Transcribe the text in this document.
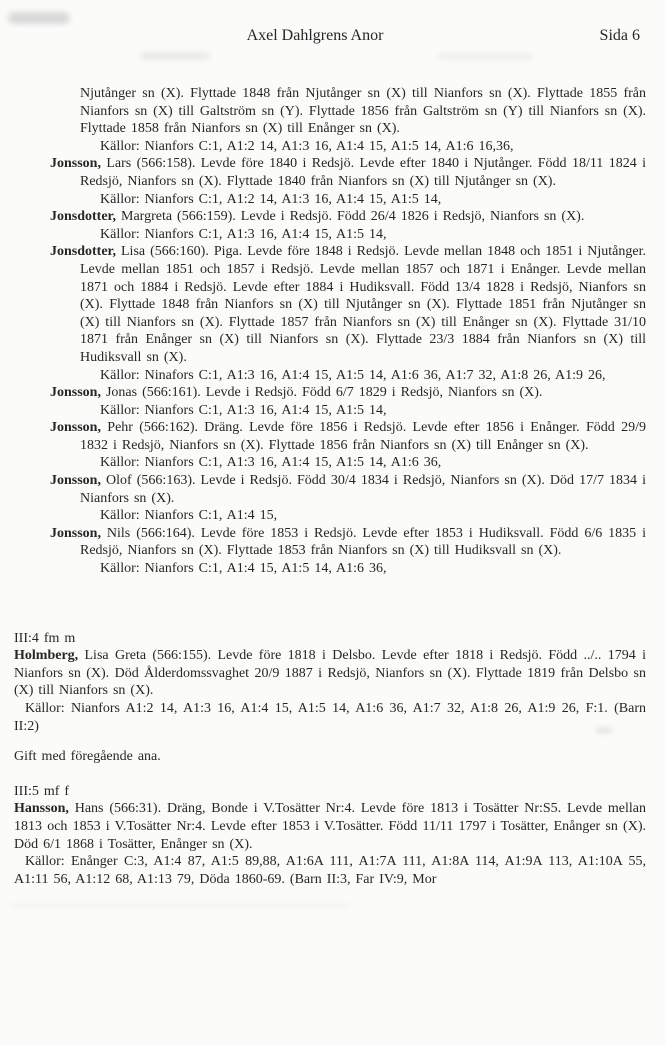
Axel Dahlgrens Anor	Sida 6

Njutånger sn (X). Flyttade 1848 från Njutånger sn (X) till Nianfors sn (X). Flyttade 1855 från Nianfors sn (X) till Galtström sn (Y). Flyttade 1856 från Galtström sn (Y) till Nianfors sn (X). Flyttade 1858 från Nianfors sn (X) till Enånger sn (X).

Källor: Nianfors C:1, A1:2 14, A1:3 16, A1:4 15, A1:5 14, A1:6 16,36,

Jonsson, Lars (566:158). Levde före 1840 i Redsjö. Levde efter 1840 i Njutånger. Född 18/11 1824 i Redsjö, Nianfors sn (X). Flyttade 1840 från Nianfors sn (X) till Njutånger sn (X).

Källor: Nianfors C:1, A1:2 14, A1:3 16, A1:4 15, A1:5 14,

Jonsdotter, Margreta (566:159). Levde i Redsjö. Född 26/4 1826 i Redsjö, Nianfors sn (X).

Källor: Nianfors C:1, A1:3 16, A1:4 15, A1:5 14,

Jonsdotter, Lisa (566:160). Piga. Levde före 1848 i Redsjö. Levde mellan 1848 och 1851 i Njutånger. Levde mellan 1851 och 1857 i Redsjö. Levde mellan 1857 och 1871 i Enånger. Levde mellan 1871 och 1884 i Redsjö. Levde efter 1884 i Hudiksvall. Född 13/4 1828 i Redsjö, Nianfors sn (X). Flyttade 1848 från Nianfors sn (X) till Njutånger sn (X). Flyttade 1851 från Njutånger sn (X) till Nianfors sn (X). Flyttade 1857 från Nianfors sn (X) till Enånger sn (X). Flyttade 31/10 1871 från Enånger sn (X) till Nianfors sn (X). Flyttade 23/3 1884 från Nianfors sn (X) till Hudiksvall sn (X).

Källor: Ninafors C:1, A1:3 16, A1:4 15, A1:5 14, A1:6 36, A1:7 32, A1:8 26, A1:9 26,

Jonsson, Jonas (566:161). Levde i Redsjö. Född 6/7 1829 i Redsjö, Nianfors sn (X).

Källor: Nianfors C:1, A1:3 16, A1:4 15, A1:5 14,

Jonsson, Pehr (566:162). Dräng. Levde före 1856 i Redsjö. Levde efter 1856 i Enånger. Född 29/9 1832 i Redsjö, Nianfors sn (X). Flyttade 1856 från Nianfors sn (X) till Enånger sn (X).

Källor: Nianfors C:1, A1:3 16, A1:4 15, A1:5 14, A1:6 36,

Jonsson, Olof (566:163). Levde i Redsjö. Född 30/4 1834 i Redsjö, Nianfors sn (X). Död 17/7 1834 i Nianfors sn (X).

Källor: Nianfors C:1, A1:4 15,

Jonsson, Nils (566:164). Levde före 1853 i Redsjö. Levde efter 1853 i Hudiksvall. Född 6/6 1835 i Redsjö, Nianfors sn (X). Flyttade 1853 från Nianfors sn (X) till Hudiksvall sn (X).

Källor: Nianfors C:1, A1:4 15, A1:5 14, A1:6 36,

III:4 fm m

Holmberg, Lisa Greta (566:155). Levde före 1818 i Delsbo. Levde efter 1818 i Redsjö. Född ../.. 1794 i Nianfors sn (X). Död Ålderdomssvaghet 20/9 1887 i Redsjö, Nianfors sn (X). Flyttade 1819 från Delsbo sn (X) till Nianfors sn (X).

Källor: Nianfors A1:2 14, A1:3 16, A1:4 15, A1:5 14, A1:6 36, A1:7 32, A1:8 26, A1:9 26, F:1. (Barn II:2)

Gift med föregående ana.

III:5 mf f

Hansson, Hans (566:31). Dräng, Bonde i V.Tosätter Nr:4. Levde före 1813 i Tosätter Nr:S5. Levde mellan 1813 och 1853 i V.Tosätter Nr:4. Levde efter 1853 i V.Tosätter. Född 11/11 1797 i Tosätter, Enånger sn (X). Död 6/1 1868 i Tosätter, Enånger sn (X).

Källor: Enånger C:3, A1:4 87, A1:5 89,88, A1:6A 111, A1:7A 111, A1:8A 114, A1:9A 113, A1:10A 55, A1:11 56, A1:12 68, A1:13 79, Döda 1860-69. (Barn II:3, Far IV:9, Mor
